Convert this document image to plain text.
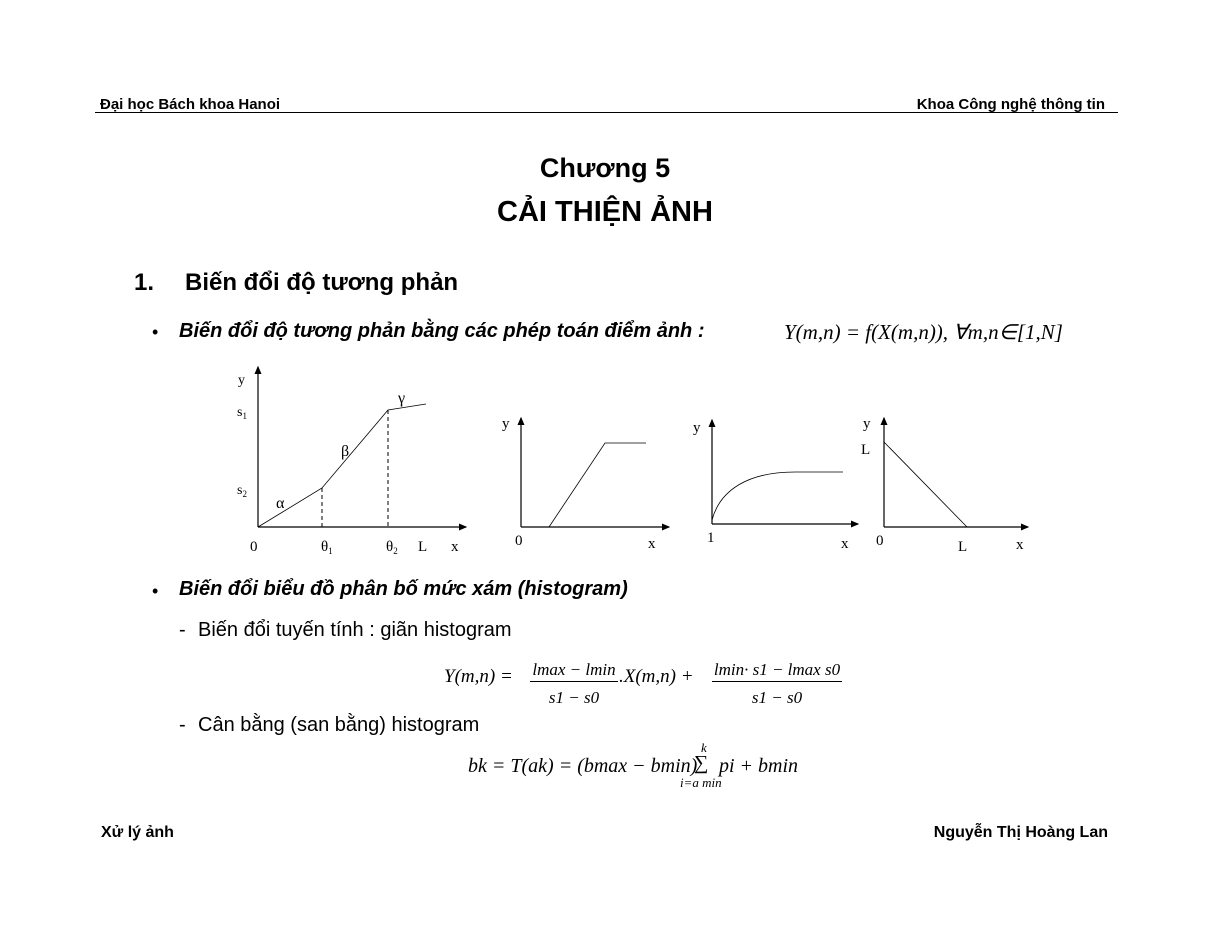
Đại học Bách khoa Hanoi	Khoa Công nghệ thông tin
Chương 5
CẢI THIỆN ẢNH
1. Biến đổi độ tương phản
• Biến đổi độ tương phản bằng các phép toán điểm ảnh :	Y(m,n) = f(X(m,n)), ∀m,n∈[1,N]
y
$s_1$
$s_2$
0	$\theta_1$	$\theta_2$ L x
α
β
γ
y
0	x
y
1	x
y
L
0	L	x
• Biến đổi biểu đồ phân bố mức xám (histogram)
- Biến đổi tuyến tính : giãn histogram
Y(m,n) = lmax − lmin
s1 − s0
.X(m,n) + lmin· s1 − lmax s0
s1 − s0
- Cân bằng (san bằng) histogram
bk = T(ak) = (bmax − bmin)
k
∑
i=a min
pi + bmin
Xử lý ảnh	Nguyễn Thị Hoàng Lan
